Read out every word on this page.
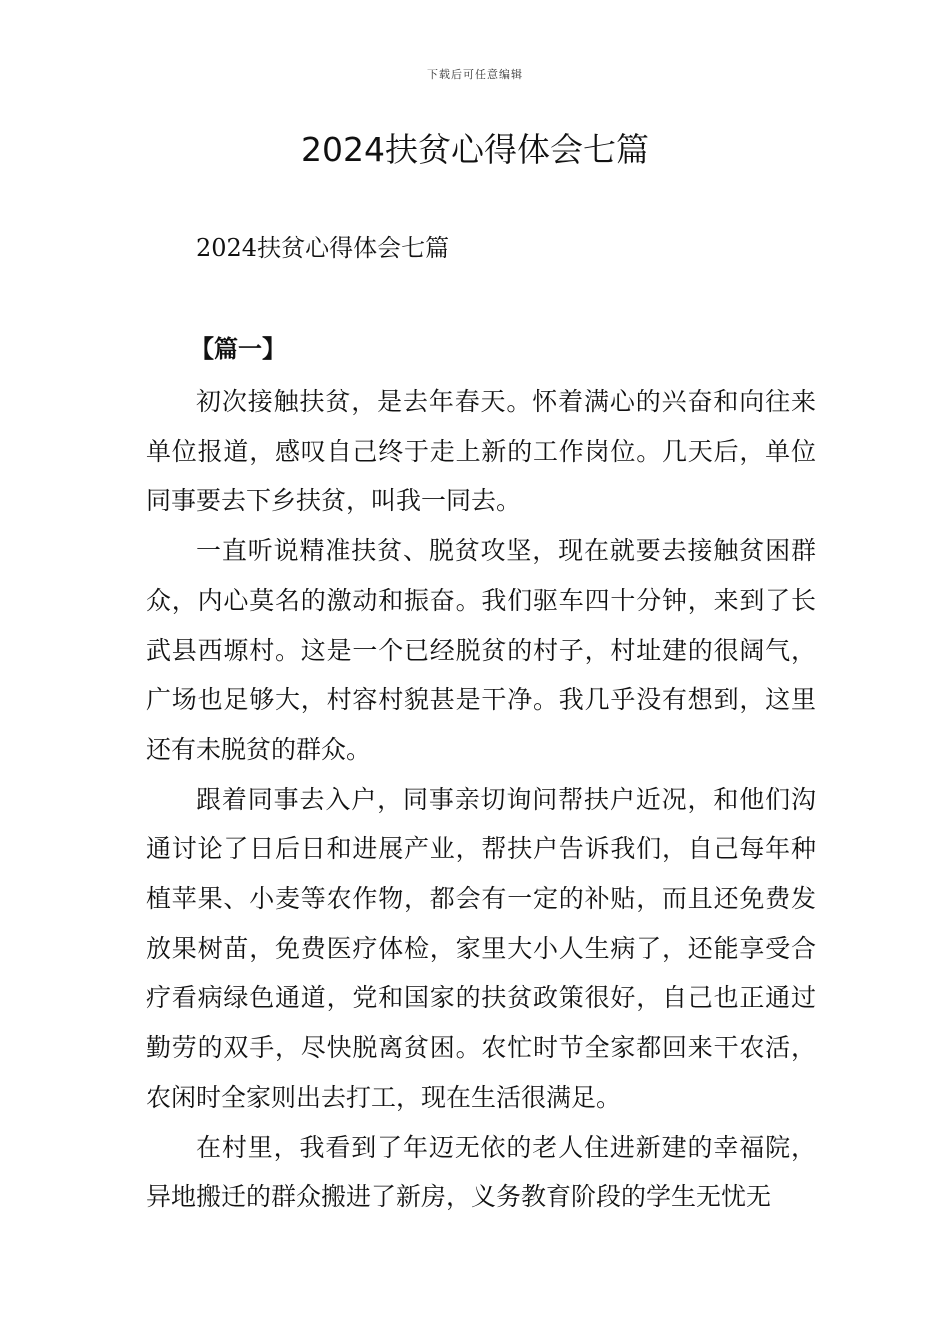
下载后可任意编辑
2024扶贫心得体会七篇

2024扶贫心得体会七篇

【篇一】

初次接触扶贫，是去年春天。怀着满心的兴奋和向往来单位报道，感叹自己终于走上新的工作岗位。几天后，单位同事要去下乡扶贫，叫我一同去。

一直听说精准扶贫、脱贫攻坚，现在就要去接触贫困群众，内心莫名的激动和振奋。我们驱车四十分钟，来到了长武县西塬村。这是一个已经脱贫的村子，村址建的很阔气，广场也足够大，村容村貌甚是干净。我几乎没有想到，这里还有未脱贫的群众。

跟着同事去入户，同事亲切询问帮扶户近况，和他们沟通讨论了日后日和进展产业，帮扶户告诉我们，自己每年种植苹果、小麦等农作物，都会有一定的补贴，而且还免费发放果树苗，免费医疗体检，家里大小人生病了，还能享受合疗看病绿色通道，党和国家的扶贫政策很好，自己也正通过勤劳的双手，尽快脱离贫困。农忙时节全家都回来干农活，农闲时全家则出去打工，现在生活很满足。

在村里，我看到了年迈无依的老人住进新建的幸福院，异地搬迁的群众搬进了新房，义务教育阶段的学生无忧无
